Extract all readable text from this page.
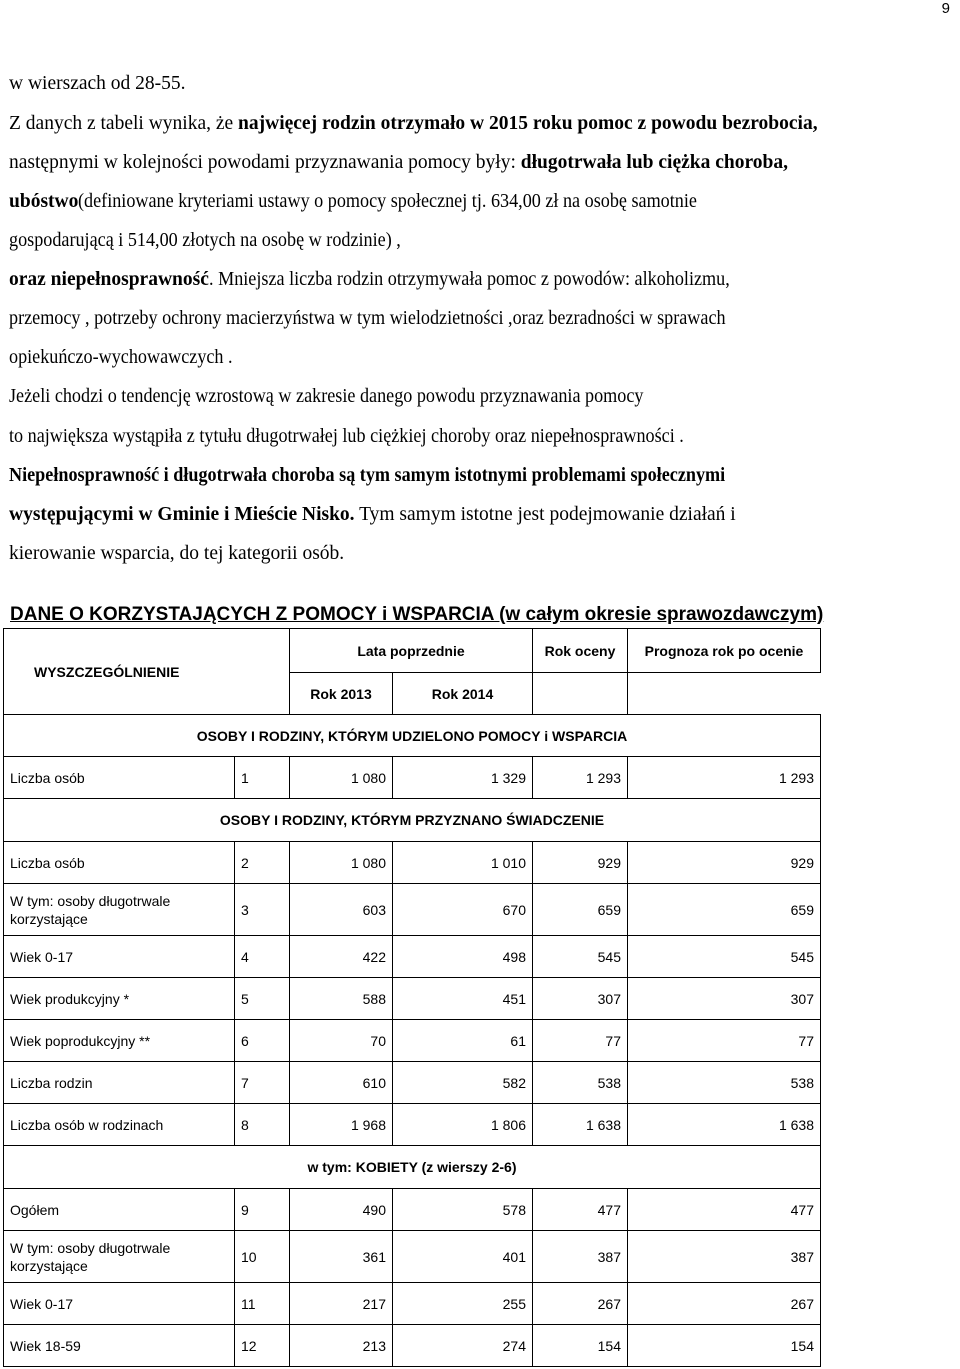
9
w wierszach od 28-55.
Z danych z tabeli wynika, że najwięcej rodzin otrzymało w 2015 roku pomoc z powodu bezrobocia,
następnymi w kolejności powodami przyznawania pomocy były: długotrwała lub ciężka choroba,
ubóstwo(definiowane kryteriami ustawy o pomocy społecznej tj. 634,00 zł na osobę samotnie
gospodarującą i 514,00 złotych na osobę w rodzinie) ,
oraz niepełnosprawność. Mniejsza liczba rodzin otrzymywała pomoc z powodów: alkoholizmu,
przemocy , potrzeby ochrony macierzyństwa w tym wielodzietności ,oraz bezradności w sprawach
opiekuńczo-wychowawczych .
Jeżeli chodzi o tendencję wzrostową w zakresie danego powodu przyznawania pomocy
to największa wystąpiła z tytułu długotrwałej lub ciężkiej choroby oraz niepełnosprawności .
Niepełnosprawność i długotrwała choroba są tym samym istotnymi problemami społecznymi
występującymi w Gminie i Mieście Nisko. Tym samym istotne jest podejmowanie działań i
kierowanie wsparcia, do tej kategorii osób.
DANE O KORZYSTAJĄCYCH Z POMOCY i WSPARCIA (w całym okresie sprawozdawczym)
WYSZCZEGÓLNIENIE		Lata poprzednie		Rok oceny	Prognoza rok po ocenie
		Rok 2013	Rok 2014		
OSOBY I RODZINY, KTÓRYM UDZIELONO POMOCY i WSPARCIA					
Liczba osób	1	1 080	1 329	1 293	1 293
OSOBY I RODZINY, KTÓRYM PRZYZNANO ŚWIADCZENIE					
Liczba osób	2	1 080	1 010	929	929
W tym: osoby długotrwale korzystające	3	603	670	659	659
Wiek 0-17	4	422	498	545	545
Wiek produkcyjny *	5	588	451	307	307
Wiek poprodukcyjny **	6	70	61	77	77
Liczba rodzin	7	610	582	538	538
Liczba osób w rodzinach	8	1 968	1 806	1 638	1 638
w tym: KOBIETY (z wierszy 2-6)					
Ogółem	9	490	578	477	477
W tym: osoby długotrwale korzystające	10	361	401	387	387
Wiek 0-17	11	217	255	267	267
Wiek 18-59	12	213	274	154	154
